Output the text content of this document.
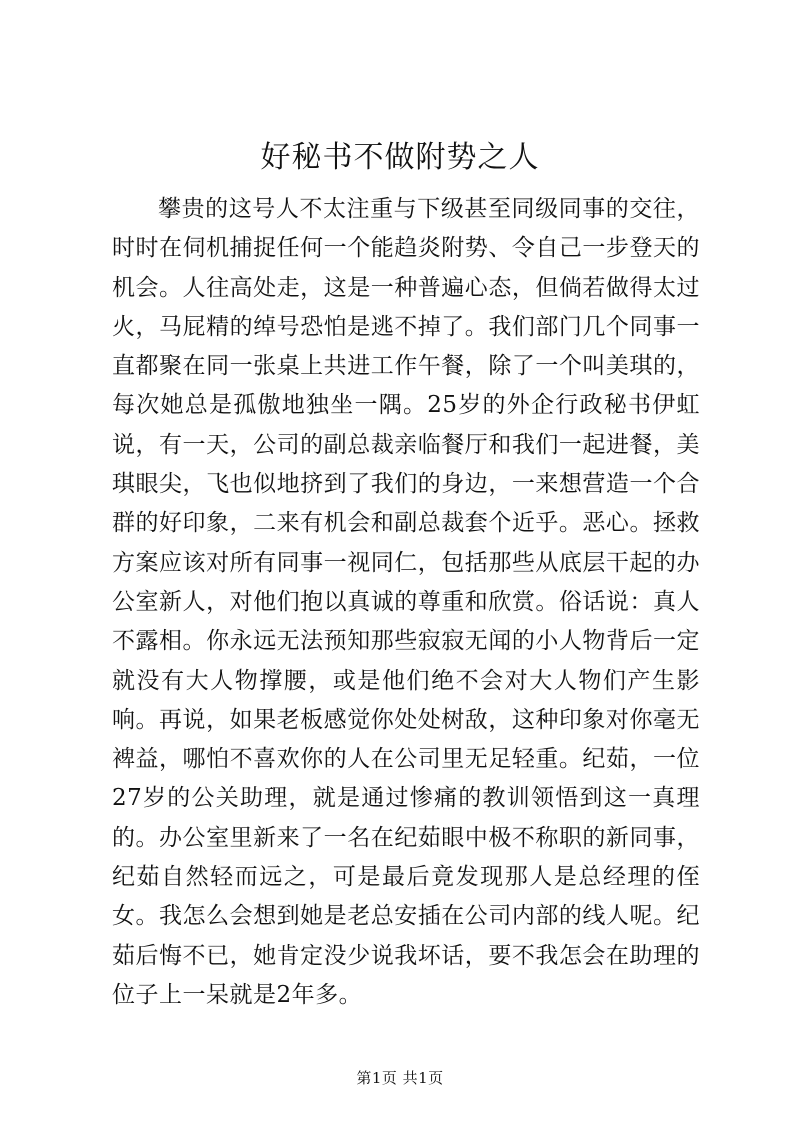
好秘书不做附势之人

攀贵的这号人不太注重与下级甚至同级同事的交往，时时在伺机捕捉任何一个能趋炎附势、令自己一步登天的机会。人往高处走，这是一种普遍心态，但倘若做得太过火，马屁精的绰号恐怕是逃不掉了。我们部门几个同事一直都聚在同一张桌上共进工作午餐，除了一个叫美琪的，每次她总是孤傲地独坐一隅。25岁的外企行政秘书伊虹说，有一天，公司的副总裁亲临餐厅和我们一起进餐，美琪眼尖，飞也似地挤到了我们的身边，一来想营造一个合群的好印象，二来有机会和副总裁套个近乎。恶心。拯救方案应该对所有同事一视同仁，包括那些从底层干起的办公室新人，对他们抱以真诚的尊重和欣赏。俗话说：真人不露相。你永远无法预知那些寂寂无闻的小人物背后一定就没有大人物撑腰，或是他们绝不会对大人物们产生影响。再说，如果老板感觉你处处树敌，这种印象对你毫无裨益，哪怕不喜欢你的人在公司里无足轻重。纪茹，一位27岁的公关助理，就是通过惨痛的教训领悟到这一真理的。办公室里新来了一名在纪茹眼中极不称职的新同事，纪茹自然轻而远之，可是最后竟发现那人是总经理的侄女。我怎么会想到她是老总安插在公司内部的线人呢。纪茹后悔不已，她肯定没少说我坏话，要不我怎会在助理的位子上一呆就是2年多。

第1页 共1页
